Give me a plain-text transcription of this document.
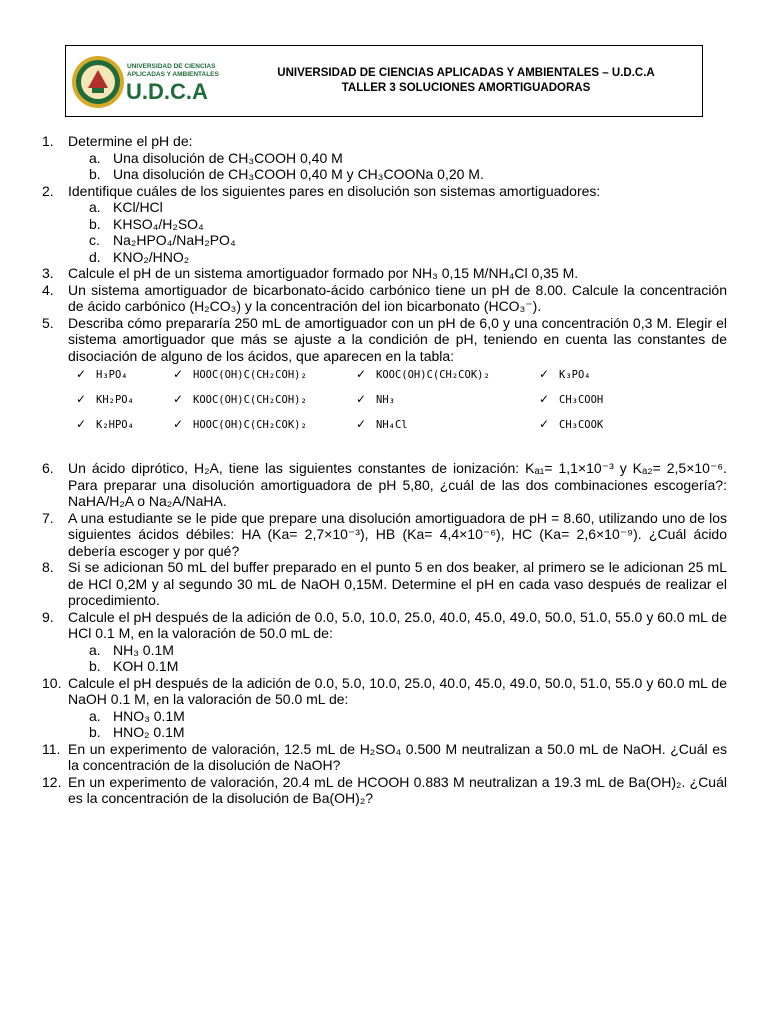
UNIVERSIDAD DE CIENCIAS
APLICADAS Y AMBIENTALES
U.D.C.A
UNIVERSIDAD DE CIENCIAS APLICADAS Y AMBIENTALES – U.D.C.A
TALLER 3 SOLUCIONES AMORTIGUADORAS
1.	Determine el pH de:
a. Una disolución de CH₃COOH 0,40 M
b. Una disolución de CH₃COOH 0,40 M y CH₃COONa 0,20 M.
2.	Identifique cuáles de los siguientes pares en disolución son sistemas amortiguadores:
a. KCl/HCl
b. KHSO₄/H₂SO₄
c. Na₂HPO₄/NaH₂PO₄
d. KNO₂/HNO₂
3.	Calcule el pH de un sistema amortiguador formado por NH₃ 0,15 M/NH₄Cl 0,35 M.
4.	Un sistema amortiguador de bicarbonato-ácido carbónico tiene un pH de 8.00. Calcule la concentración de ácido carbónico (H₂CO₃) y la concentración del ion bicarbonato (HCO₃⁻).
5.	Describa cómo prepararía 250 mL de amortiguador con un pH de 6,0 y una concentración 0,3 M. Elegir el sistema amortiguador que más se ajuste a la condición de pH, teniendo en cuenta las constantes de disociación de alguno de los ácidos, que aparecen en la tabla:
✓ H₃PO₄	✓ HOOC(OH)C(CH₂COH)₂	✓ KOOC(OH)C(CH₂COK)₂	✓ K₃PO₄
✓ KH₂PO₄	✓ KOOC(OH)C(CH₂COH)₂	✓ NH₃	✓ CH₃COOH
✓ K₂HPO₄	✓ HOOC(OH)C(CH₂COK)₂	✓ NH₄Cl	✓ CH₃COOK
6.	Un ácido diprótico, H₂A, tiene las siguientes constantes de ionización: Kₐ₁= 1,1×10⁻³ y Kₐ₂= 2,5×10⁻⁶. Para preparar una disolución amortiguadora de pH 5,80, ¿cuál de las dos combinaciones escogería?: NaHA/H₂A o Na₂A/NaHA.
7.	A una estudiante se le pide que prepare una disolución amortiguadora de pH = 8.60, utilizando uno de los siguientes ácidos débiles: HA (Ka= 2,7×10⁻³), HB (Ka= 4,4×10⁻⁶), HC (Ka= 2,6×10⁻⁹). ¿Cuál ácido debería escoger y por qué?
8.	Si se adicionan 50 mL del buffer preparado en el punto 5 en dos beaker, al primero se le adicionan 25 mL de HCl 0,2M y al segundo 30 mL de NaOH 0,15M. Determine el pH en cada vaso después de realizar el procedimiento.
9.	Calcule el pH después de la adición de 0.0, 5.0, 10.0, 25.0, 40.0, 45.0, 49.0, 50.0, 51.0, 55.0 y 60.0 mL de HCl 0.1 M, en la valoración de 50.0 mL de:
a. NH₃ 0.1M
b. KOH 0.1M
10. Calcule el pH después de la adición de 0.0, 5.0, 10.0, 25.0, 40.0, 45.0, 49.0, 50.0, 51.0, 55.0 y 60.0 mL de NaOH 0.1 M, en la valoración de 50.0 mL de:
a. HNO₃ 0.1M
b. HNO₂ 0.1M
11. En un experimento de valoración, 12.5 mL de H₂SO₄ 0.500 M neutralizan a 50.0 mL de NaOH. ¿Cuál es la concentración de la disolución de NaOH?
12. En un experimento de valoración, 20.4 mL de HCOOH 0.883 M neutralizan a 19.3 mL de Ba(OH)₂. ¿Cuál es la concentración de la disolución de Ba(OH)₂?
